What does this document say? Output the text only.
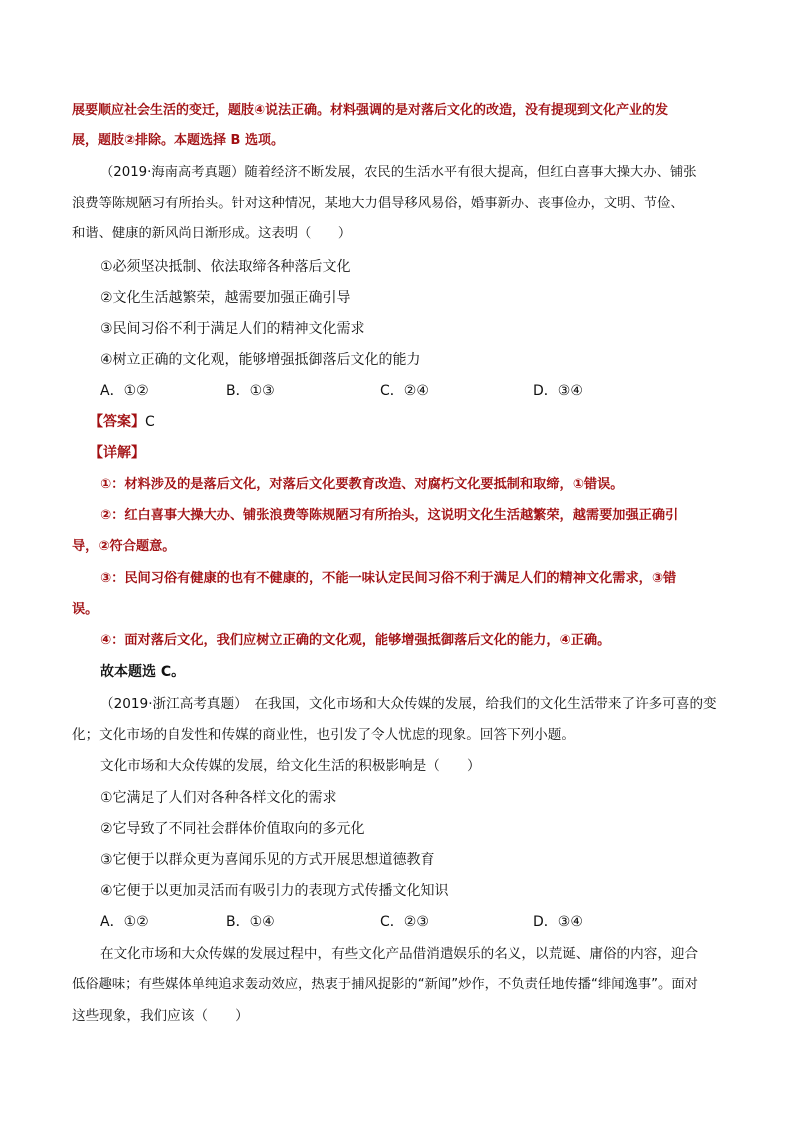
展要顺应社会生活的变迁，题肢④说法正确。材料强调的是对落后文化的改造，没有提现到文化产业的发
展，题肢②排除。本题选择 B 选项。
（2019·海南高考真题）随着经济不断发展，农民的生活水平有很大提高，但红白喜事大操大办、铺张
浪费等陈规陋习有所抬头。针对这种情况，某地大力倡导移风易俗，婚事新办、丧事俭办，文明、节俭、
和谐、健康的新风尚日渐形成。这表明（　　）
①必须坚决抵制、依法取缔各种落后文化
②文化生活越繁荣，越需要加强正确引导
③民间习俗不利于满足人们的精神文化需求
④树立正确的文化观，能够增强抵御落后文化的能力
A．①②	B．①③	C．②④	D．③④
【答案】C
【详解】
①：材料涉及的是落后文化，对落后文化要教育改造、对腐朽文化要抵制和取缔，①错误。
②：红白喜事大操大办、铺张浪费等陈规陋习有所抬头，这说明文化生活越繁荣，越需要加强正确引
导，②符合题意。
③：民间习俗有健康的也有不健康的，不能一味认定民间习俗不利于满足人们的精神文化需求，③错
误。
④：面对落后文化，我们应树立正确的文化观，能够增强抵御落后文化的能力，④正确。
故本题选 C。
（2019·浙江高考真题）　在我国，文化市场和大众传媒的发展，给我们的文化生活带来了许多可喜的变
化；文化市场的自发性和传媒的商业性，也引发了令人忧虑的现象。回答下列小题。
文化市场和大众传媒的发展，给文化生活的积极影响是（　　）
①它满足了人们对各种各样文化的需求
②它导致了不同社会群体价值取向的多元化
③它便于以群众更为喜闻乐见的方式开展思想道德教育
④它便于以更加灵活而有吸引力的表现方式传播文化知识
A．①②	B．①④	C．②③	D．③④
在文化市场和大众传媒的发展过程中，有些文化产品借消遣娱乐的名义，以荒诞、庸俗的内容，迎合
低俗趣味；有些媒体单纯追求轰动效应，热衷于捕风捉影的“新闻”炒作，不负责任地传播“绯闻逸事”。面对
这些现象，我们应该（　　）
